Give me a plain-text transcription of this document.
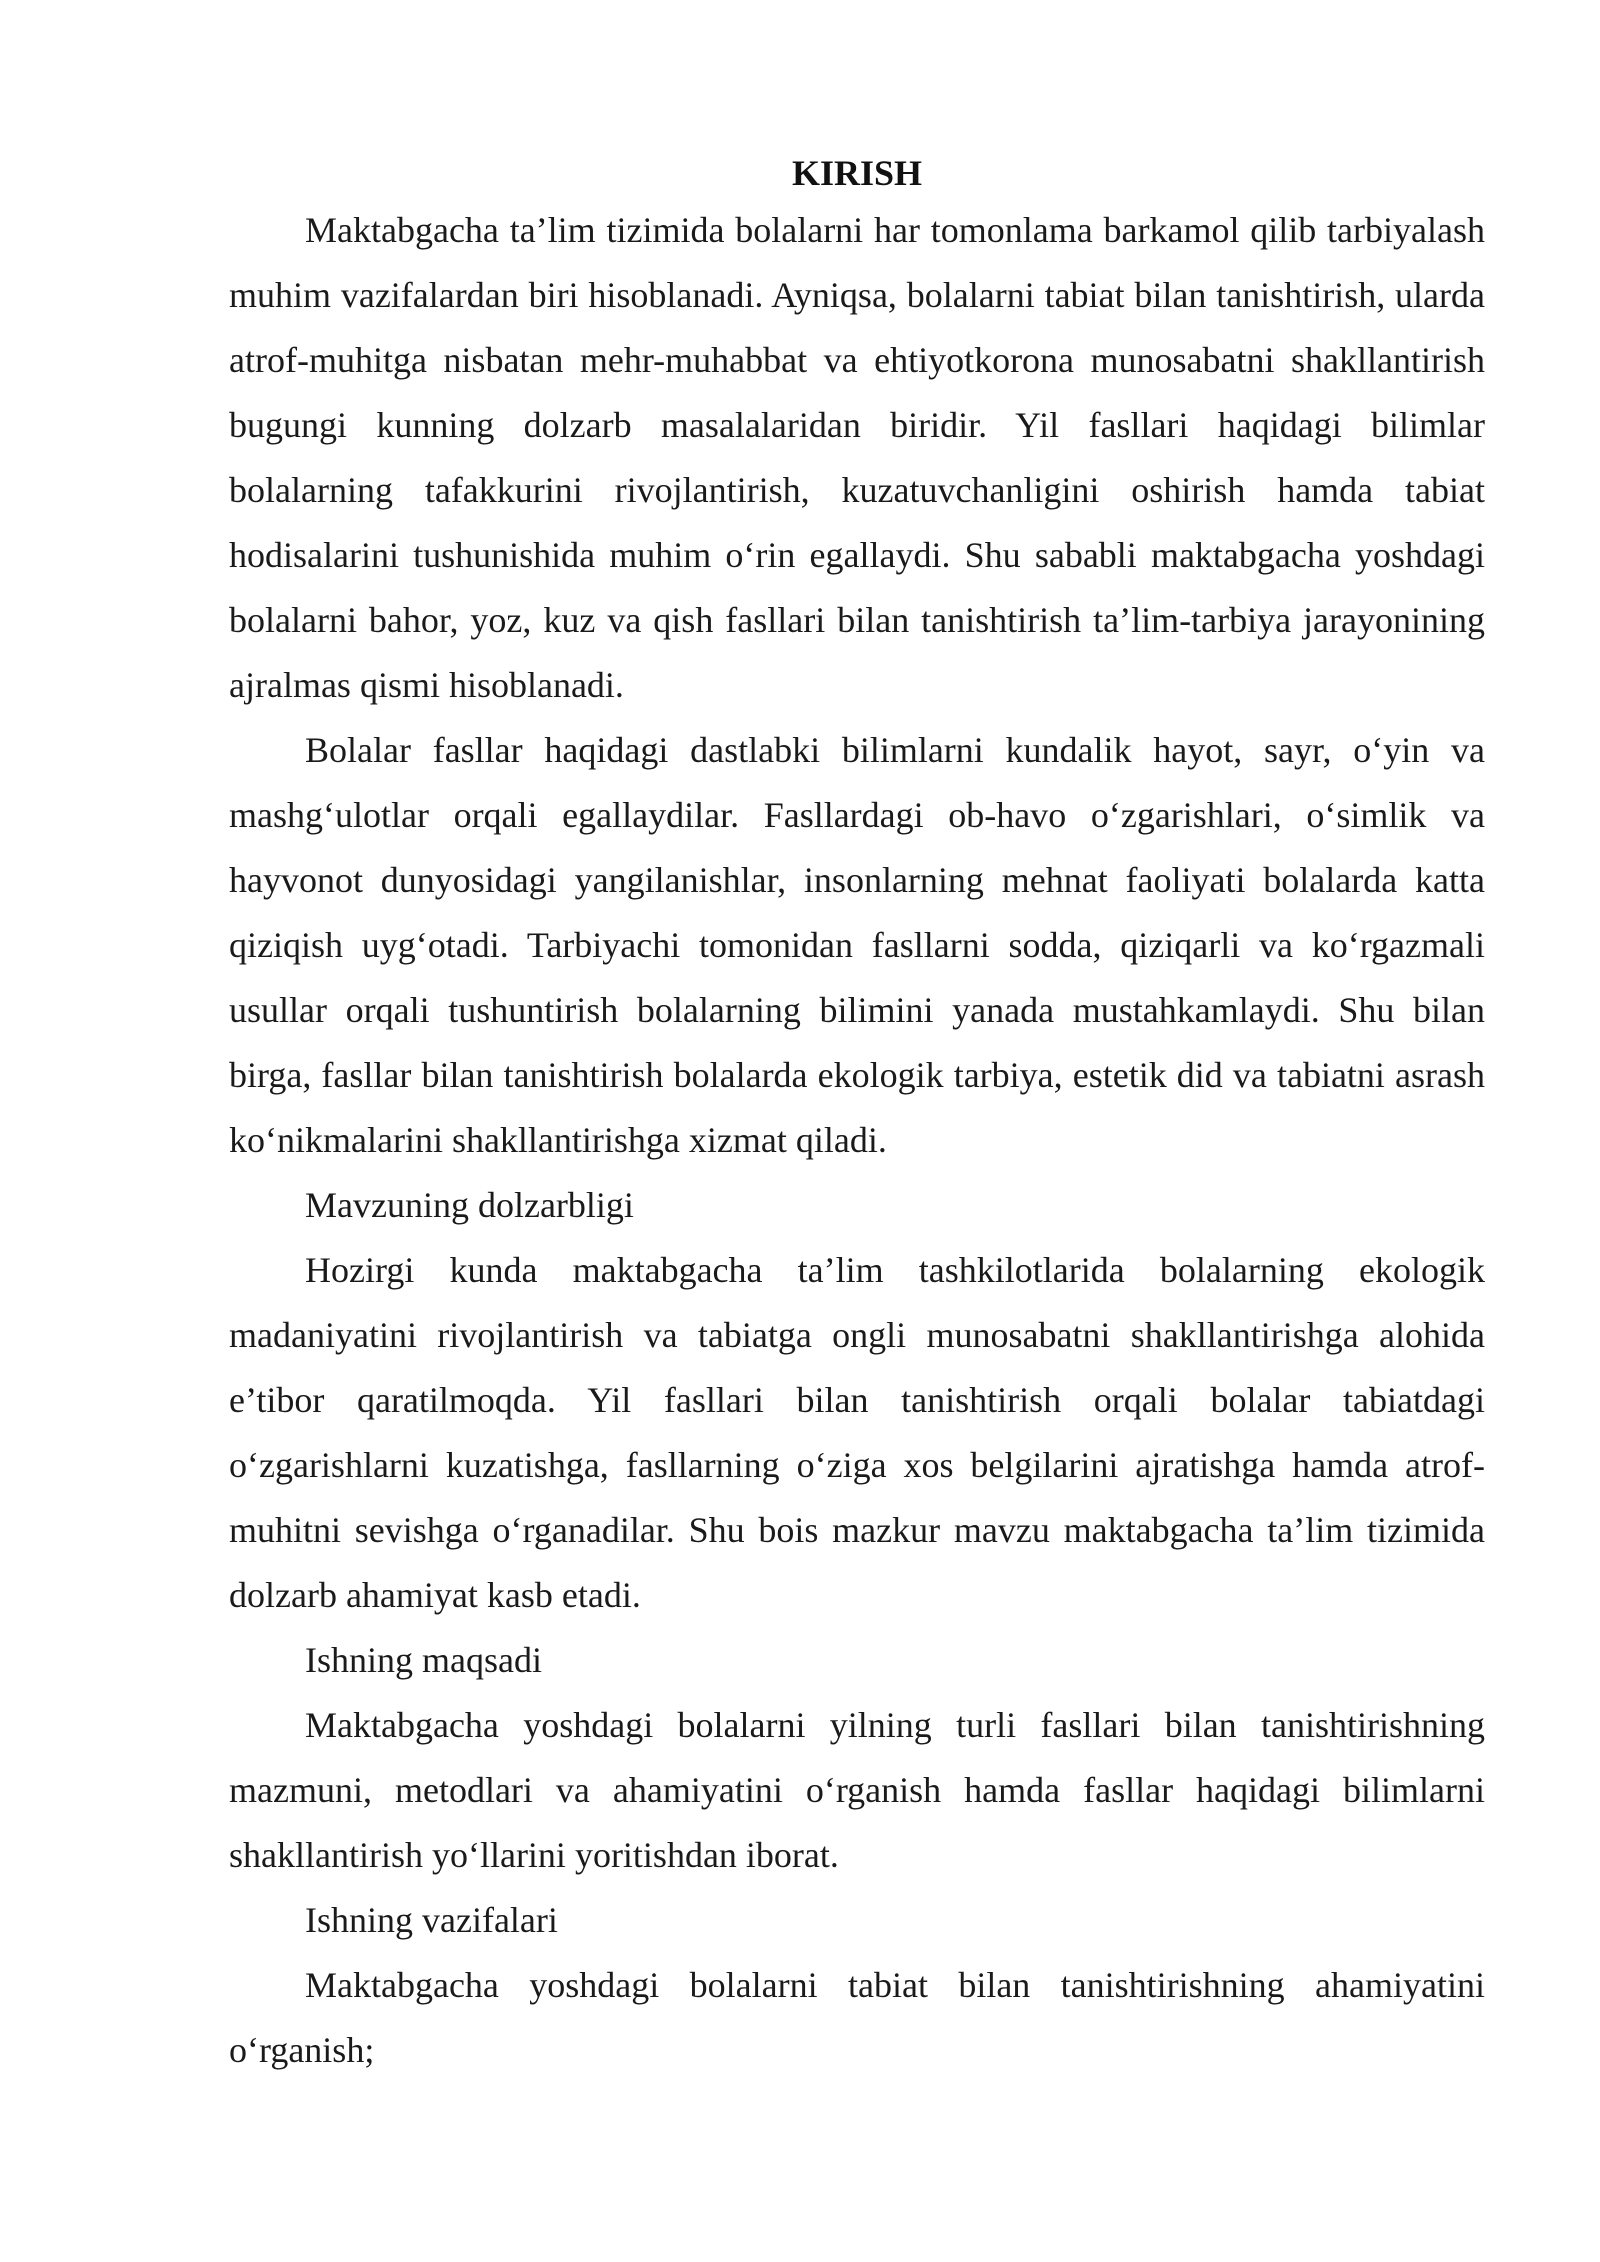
KIRISH

Maktabgacha ta’lim tizimida bolalarni har tomonlama barkamol qilib tarbiyalash muhim vazifalardan biri hisoblanadi. Ayniqsa, bolalarni tabiat bilan tanishtirish, ularda atrof-muhitga nisbatan mehr-muhabbat va ehtiyotkorona munosabatni shakllantirish bugungi kunning dolzarb masalalaridan biridir. Yil fasllari haqidagi bilimlar bolalarning tafakkurini rivojlantirish, kuzatuvchanligini oshirish hamda tabiat hodisalarini tushunishida muhim o‘rin egallaydi. Shu sababli maktabgacha yoshdagi bolalarni bahor, yoz, kuz va qish fasllari bilan tanishtirish ta’lim-tarbiya jarayonining ajralmas qismi hisoblanadi.

Bolalar fasllar haqidagi dastlabki bilimlarni kundalik hayot, sayr, o‘yin va mashg‘ulotlar orqali egallaydilar. Fasllardagi ob-havo o‘zgarishlari, o‘simlik va hayvonot dunyosidagi yangilanishlar, insonlarning mehnat faoliyati bolalarda katta qiziqish uyg‘otadi. Tarbiyachi tomonidan fasllarni sodda, qiziqarli va ko‘rgazmali usullar orqali tushuntirish bolalarning bilimini yanada mustahkamlaydi. Shu bilan birga, fasllar bilan tanishtirish bolalarda ekologik tarbiya, estetik did va tabiatni asrash ko‘nikmalarini shakllantirishga xizmat qiladi.

Mavzuning dolzarbligi

Hozirgi kunda maktabgacha ta’lim tashkilotlarida bolalarning ekologik madaniyatini rivojlantirish va tabiatga ongli munosabatni shakllantirishga alohida e’tibor qaratilmoqda. Yil fasllari bilan tanishtirish orqali bolalar tabiatdagi o‘zgarishlarni kuzatishga, fasllarning o‘ziga xos belgilarini ajratishga hamda atrof-muhitni sevishga o‘rganadilar. Shu bois mazkur mavzu maktabgacha ta’lim tizimida dolzarb ahamiyat kasb etadi.

Ishning maqsadi

Maktabgacha yoshdagi bolalarni yilning turli fasllari bilan tanishtirishning mazmuni, metodlari va ahamiyatini o‘rganish hamda fasllar haqidagi bilimlarni shakllantirish yo‘llarini yoritishdan iborat.

Ishning vazifalari

Maktabgacha yoshdagi bolalarni tabiat bilan tanishtirishning ahamiyatini o‘rganish;
